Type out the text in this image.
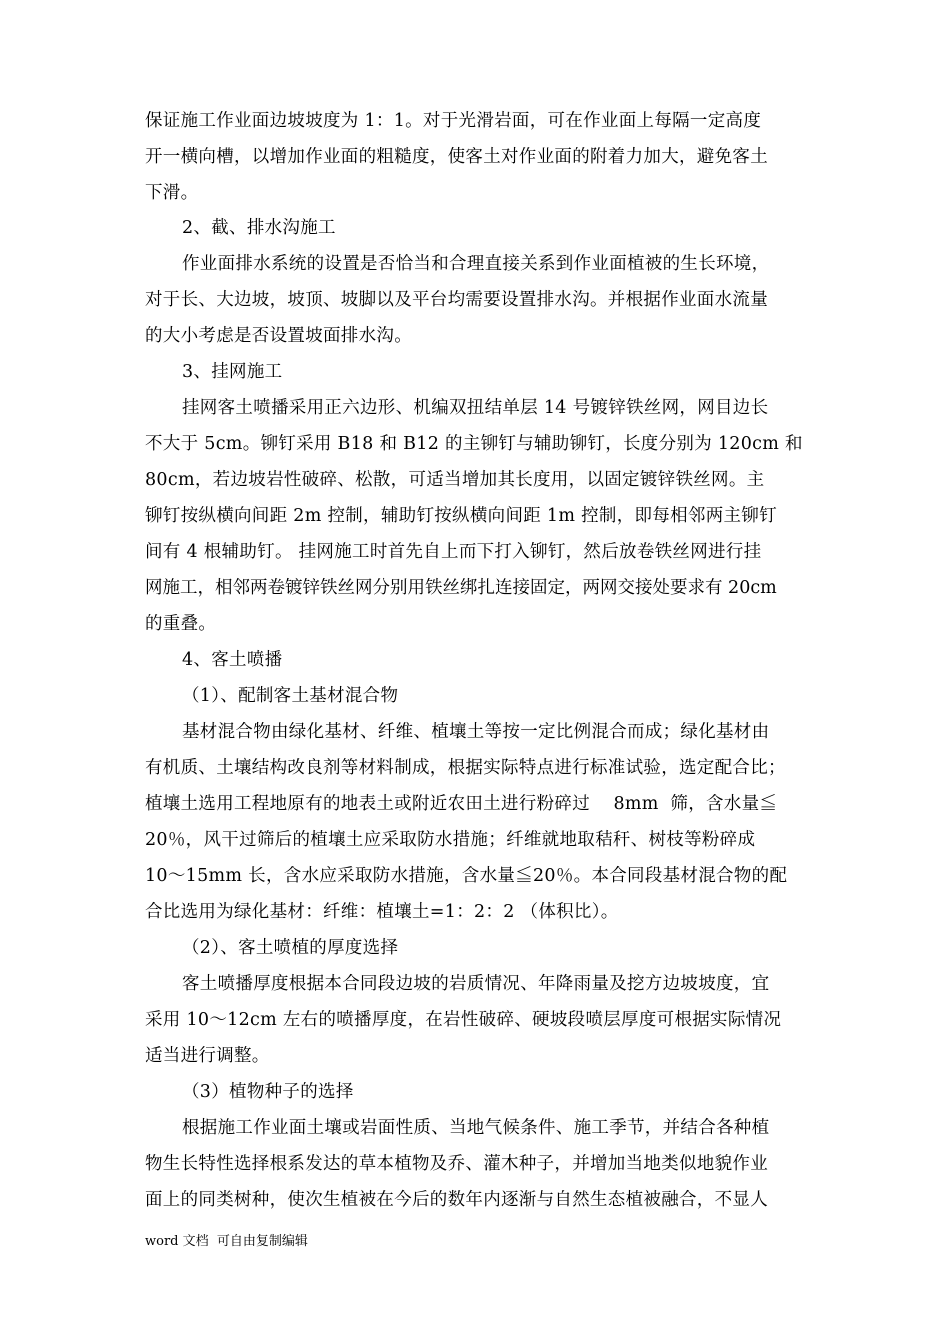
保证施工作业面边坡坡度为 1：1。对于光滑岩面，可在作业面上每隔一定高度
开一横向槽，以增加作业面的粗糙度，使客土对作业面的附着力加大，避免客土
下滑。
2、截、排水沟施工
作业面排水系统的设置是否恰当和合理直接关系到作业面植被的生长环境，
对于长、大边坡，坡顶、坡脚以及平台均需要设置排水沟。并根据作业面水流量
的大小考虑是否设置坡面排水沟。
3、挂网施工
挂网客土喷播采用正六边形、机编双扭结单层 14 号镀锌铁丝网，网目边长
不大于 5cm。铆钉采用 B18 和 B12 的主铆钉与辅助铆钉，长度分别为 120cm 和
80cm，若边坡岩性破碎、松散，可适当增加其长度用，以固定镀锌铁丝网。主
铆钉按纵横向间距 2m 控制，辅助钉按纵横向间距 1m 控制，即每相邻两主铆钉
间有 4 根辅助钉。 挂网施工时首先自上而下打入铆钉，然后放卷铁丝网进行挂
网施工，相邻两卷镀锌铁丝网分别用铁丝绑扎连接固定，两网交接处要求有 20cm
的重叠。
4、客土喷播
（1）、配制客土基材混合物
基材混合物由绿化基材、纤维、植壤土等按一定比例混合而成；绿化基材由
有机质、土壤结构改良剂等材料制成，根据实际特点进行标准试验，选定配合比；
植壤土选用工程地原有的地表土或附近农田土进行粉碎过    8mm  筛，含水量≦
20％，风干过筛后的植壤土应采取防水措施；纤维就地取秸秆、树枝等粉碎成
10～15mm 长，含水应采取防水措施，含水量≦20％。本合同段基材混合物的配
合比选用为绿化基材：纤维：植壤土=1：2：2 （体积比）。
（2）、客土喷植的厚度选择
客土喷播厚度根据本合同段边坡的岩质情况、年降雨量及挖方边坡坡度，宜
采用 10～12cm 左右的喷播厚度，在岩性破碎、硬坡段喷层厚度可根据实际情况
适当进行调整。
（3）植物种子的选择
根据施工作业面土壤或岩面性质、当地气候条件、施工季节，并结合各种植
物生长特性选择根系发达的草本植物及乔、灌木种子，并增加当地类似地貌作业
面上的同类树种，使次生植被在今后的数年内逐渐与自然生态植被融合，不显人
word 文档  可自由复制编辑
